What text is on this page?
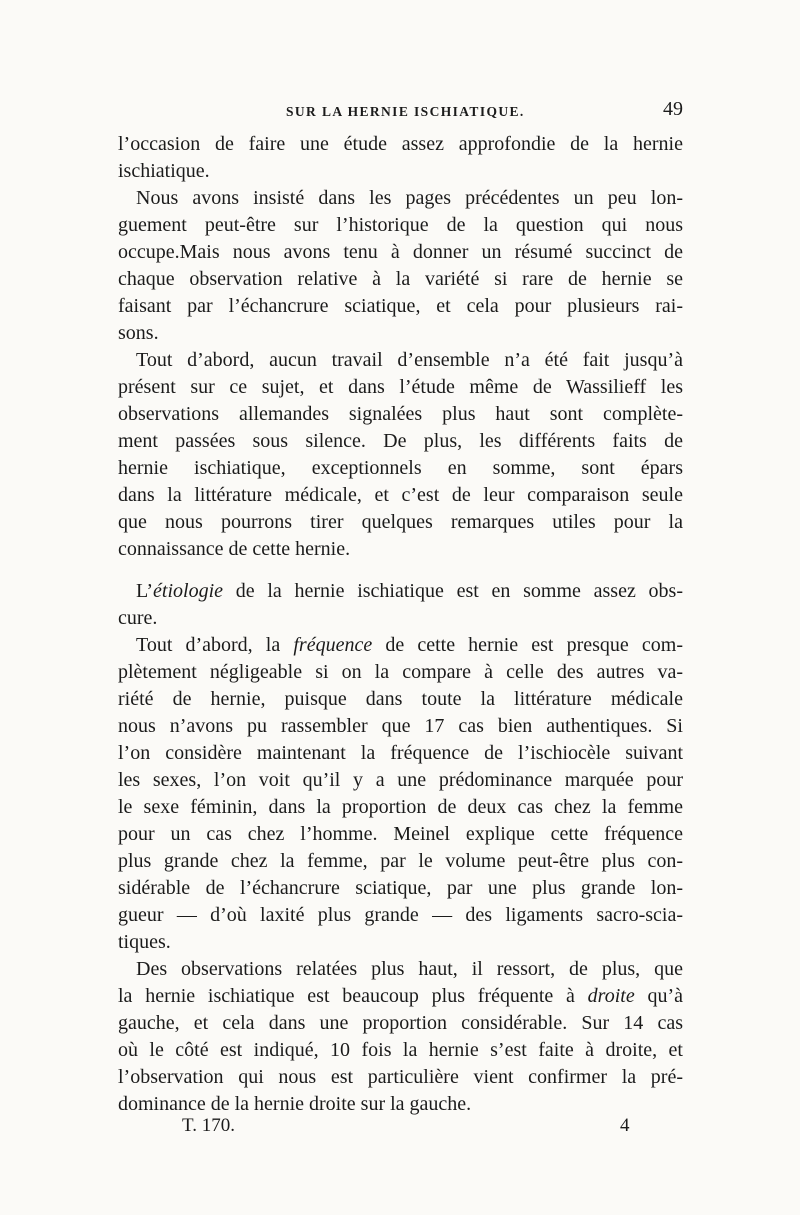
SUR LA HERNIE ISCHIATIQUE.	49
l’occasion de faire une étude assez approfondie de la hernie
ischiatique.
Nous avons insisté dans les pages précédentes un peu lon-
guement peut-être sur l’historique de la question qui nous
occupe.Mais nous avons tenu à donner un résumé succinct de
chaque observation relative à la variété si rare de hernie se
faisant par l’échancrure sciatique, et cela pour plusieurs rai-
sons.
Tout d’abord, aucun travail d’ensemble n’a été fait jusqu’à
présent sur ce sujet, et dans l’étude même de Wassilieff les
observations allemandes signalées plus haut sont complète-
ment passées sous silence. De plus, les différents faits de
hernie ischiatique, exceptionnels en somme, sont épars
dans la littérature médicale, et c’est de leur comparaison seule
que nous pourrons tirer quelques remarques utiles pour la
connaissance de cette hernie.
L’étiologie de la hernie ischiatique est en somme assez obs-
cure.
Tout d’abord, la fréquence de cette hernie est presque com-
plètement négligeable si on la compare à celle des autres va-
riété de hernie, puisque dans toute la littérature médicale
nous n’avons pu rassembler que 17 cas bien authentiques. Si
l’on considère maintenant la fréquence de l’ischiocèle suivant
les sexes, l’on voit qu’il y a une prédominance marquée pour
le sexe féminin, dans la proportion de deux cas chez la femme
pour un cas chez l’homme. Meinel explique cette fréquence
plus grande chez la femme, par le volume peut-être plus con-
sidérable de l’échancrure sciatique, par une plus grande lon-
gueur — d’où laxité plus grande — des ligaments sacro-scia-
tiques.
Des observations relatées plus haut, il ressort, de plus, que
la hernie ischiatique est beaucoup plus fréquente à droite qu’à
gauche, et cela dans une proportion considérable. Sur 14 cas
où le côté est indiqué, 10 fois la hernie s’est faite à droite, et
l’observation qui nous est particulière vient confirmer la pré-
dominance de la hernie droite sur la gauche.
T. 170.	4
